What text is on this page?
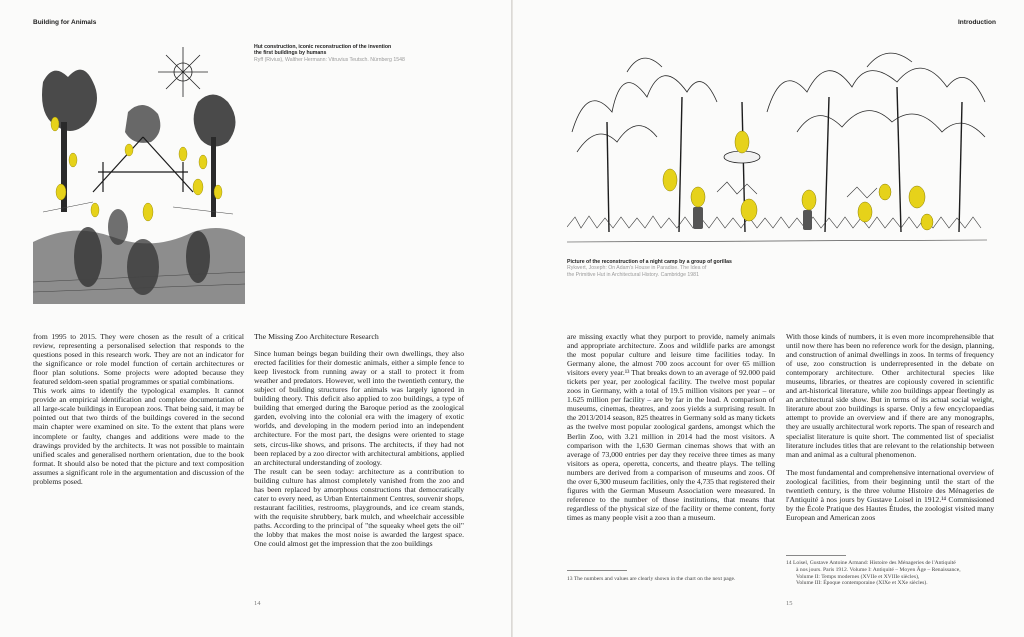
Building for Animals
Hut construction, iconic reconstruction of the invention
the first buildings by humans
Ryff (Rivius), Walther Hermann: Vitruvius Teutsch. Nürnberg 1548

from 1995 to 2015. They were chosen as the result of a critical review, representing a personalised selection that responds to the questions posed in this research work. They are not an indicator for the significance or role model function of certain architectures or floor plan solutions. Some projects were adopted because they featured seldom-seen spatial programmes or spatial combinations.

This work aims to identify the typological examples. It cannot provide an empirical identification and complete documentation of all large-scale buildings in European zoos. That being said, it may be pointed out that two thirds of the buildings covered in the second main chapter were examined on site. To the extent that plans were incomplete or faulty, changes and additions were made to the drawings provided by the architects. It was not possible to maintain unified scales and generalised northern orientation, due to the book format. It should also be noted that the picture and text composition assumes a significant role in the argumentation and discussion of the problems posed.

The Missing Zoo Architecture Research

Since human beings began building their own dwellings, they also erected facilities for their domestic animals, either a simple fence to keep livestock from running away or a stall to protect it from weather and predators. However, well into the twentieth century, the subject of building structures for animals was largely ignored in building theory. This deficit also applied to zoo buildings, a type of building that emerged during the Baroque period as the zoological garden, evolving into the colonial era with the imagery of exotic worlds, and developing in the modern period into an independent architecture. For the most part, the designs were oriented to stage sets, circus-like shows, and prisons. The architects, if they had not been replaced by a zoo director with architectural ambitions, applied an architectural understanding of zoology.

The result can be seen today: architecture as a contribution to building culture has almost completely vanished from the zoo and has been replaced by amorphous constructions that democratically cater to every need, as Urban Entertainment Centres, souvenir shops, restaurant facilities, restrooms, playgrounds, and ice cream stands, with the requisite shrubbery, bark mulch, and wheelchair accessible paths. According to the principal of "the squeaky wheel gets the oil" the lobby that makes the most noise is awarded the largest space. One could almost get the impression that the zoo buildings

14
Introduction
Picture of the reconstruction of a night camp by a group of gorillas
Rykwert, Joseph: On Adam's House in Paradise. The Idea of
the Primitive Hut in Architectural History. Cambridge 1981

are missing exactly what they purport to provide, namely animals and appropriate architecture. Zoos and wildlife parks are amongst the most popular culture and leisure time facilities today. In Germany alone, the almost 700 zoos account for over 65 million visitors every year.¹³ That breaks down to an average of 92.000 paid tickets per year, per zoological facility. The twelve most popular zoos in Germany, with a total of 19.5 million visitors per year – or 1.625 million per facility – are by far in the lead. A comparison of museums, cinemas, theatres, and zoos yields a surprising result. In the 2013/2014 season, 825 theatres in Germany sold as many tickets as the twelve most popular zoological gardens, amongst which the Berlin Zoo, with 3.21 million in 2014 had the most visitors. A comparison with the 1,630 German cinemas shows that with an average of 73,000 entries per day they receive three times as many visitors as opera, operetta, concerts, and theatre plays. The telling numbers are derived from a comparison of museums and zoos. Of the over 6,300 museum facilities, only the 4,735 that registered their figures with the German Museum Association were measured. In reference to the number of those institutions, that means that regardless of the physical size of the facility or theme content, forty times as many people visit a zoo than a museum.

With those kinds of numbers, it is even more incomprehensible that until now there has been no reference work for the design, planning, and construction of animal dwellings in zoos. In terms of frequency of use, zoo construction is underrepresented in the debate on contemporary architecture. Other architectural species like museums, libraries, or theatres are copiously covered in scientific and art-historical literature, while zoo buildings appear fleetingly as an architectural side show. But in terms of its actual social weight, literature about zoo buildings is sparse. Only a few encyclopaedias attempt to provide an overview and if there are any monographs, they are usually architectural work reports. The span of research and specialist literature is quite short. The commented list of specialist literature includes titles that are relevant to the relationship between man and animal as a cultural phenomenon.

The most fundamental and comprehensive international overview of zoological facilities, from their beginning until the start of the twentieth century, is the three volume Histoire des Ménageries de l'Antiquité à nos jours by Gustave Loisel in 1912.¹⁴ Commissioned by the École Pratique des Hautes Études, the zoologist visited many European and American zoos

13 The numbers and values are clearly shown in the chart on the next page.
14 Loisel, Gustave Antoine Armand: Histoire des Ménageries de l'Antiquité
à nos jours. Paris 1912. Volume I: Antiquité – Moyen Âge – Renaissance,
Volume II: Temps modernes (XVIIe et XVIIIe siècles),
Volume III: Époque contemporaine (XIXe et XXe siècles).
15
